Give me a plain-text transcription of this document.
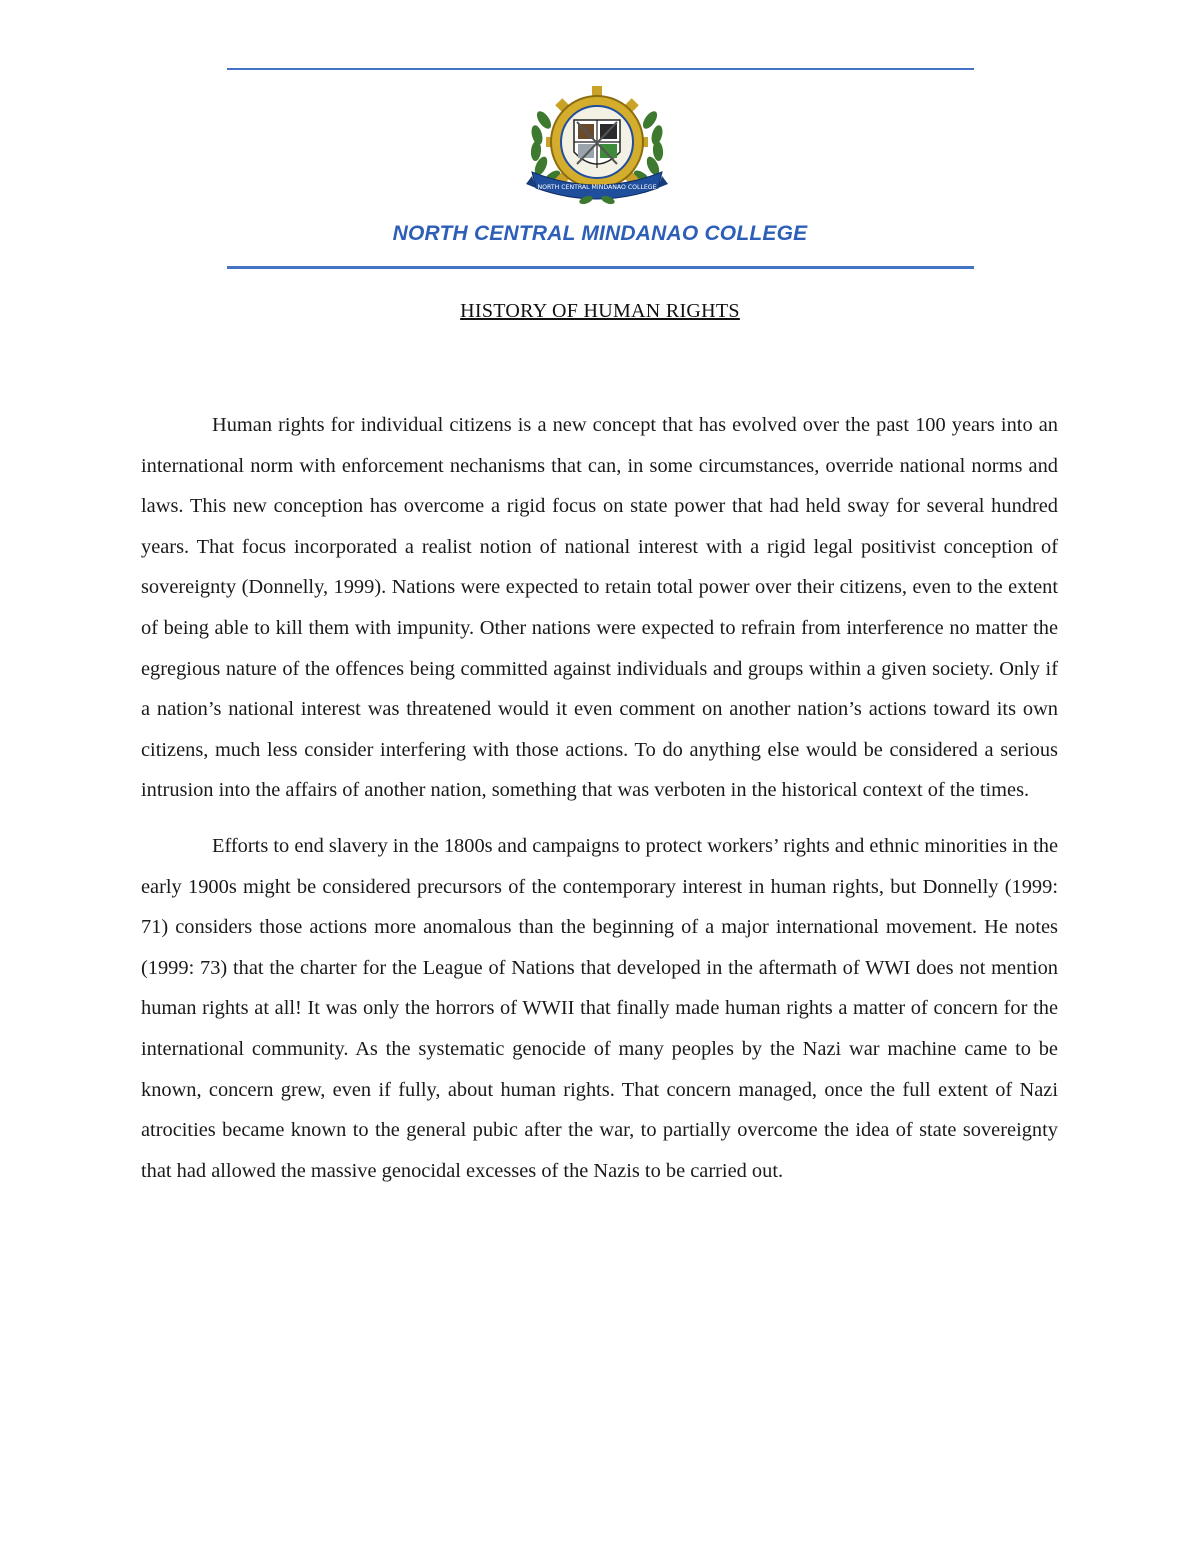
NORTH CENTRAL MINDANAO COLLEGE
NORTH CENTRAL MINDANAO COLLEGE
HISTORY OF HUMAN RIGHTS

Human rights for individual citizens is a new concept that has evolved over the past 100 years into an international norm with enforcement nechanisms that can, in some circumstances, override national norms and laws. This new conception has overcome a rigid focus on state power that had held sway for several hundred years. That focus incorporated a realist notion of national interest with a rigid legal positivist conception of sovereignty (Donnelly, 1999). Nations were expected to retain total power over their citizens, even to the extent of being able to kill them with impunity. Other nations were expected to refrain from interference no matter the egregious nature of the offences being committed against individuals and groups within a given society. Only if a nation’s national interest was threatened would it even comment on another nation’s actions toward its own citizens, much less consider interfering with those actions. To do anything else would be considered a serious intrusion into the affairs of another nation, something that was verboten in the historical context of the times.

Efforts to end slavery in the 1800s and campaigns to protect workers’ rights and ethnic minorities in the early 1900s might be considered precursors of the contemporary interest in human rights, but Donnelly (1999: 71) considers those actions more anomalous than the beginning of a major international movement. He notes (1999: 73) that the charter for the League of Nations that developed in the aftermath of WWI does not mention human rights at all! It was only the horrors of WWII that finally made human rights a matter of concern for the international community. As the systematic genocide of many peoples by the Nazi war machine came to be known, concern grew, even if fully, about human rights. That concern managed, once the full extent of Nazi atrocities became known to the general pubic after the war, to partially overcome the idea of state sovereignty that had allowed the massive genocidal excesses of the Nazis to be carried out.
